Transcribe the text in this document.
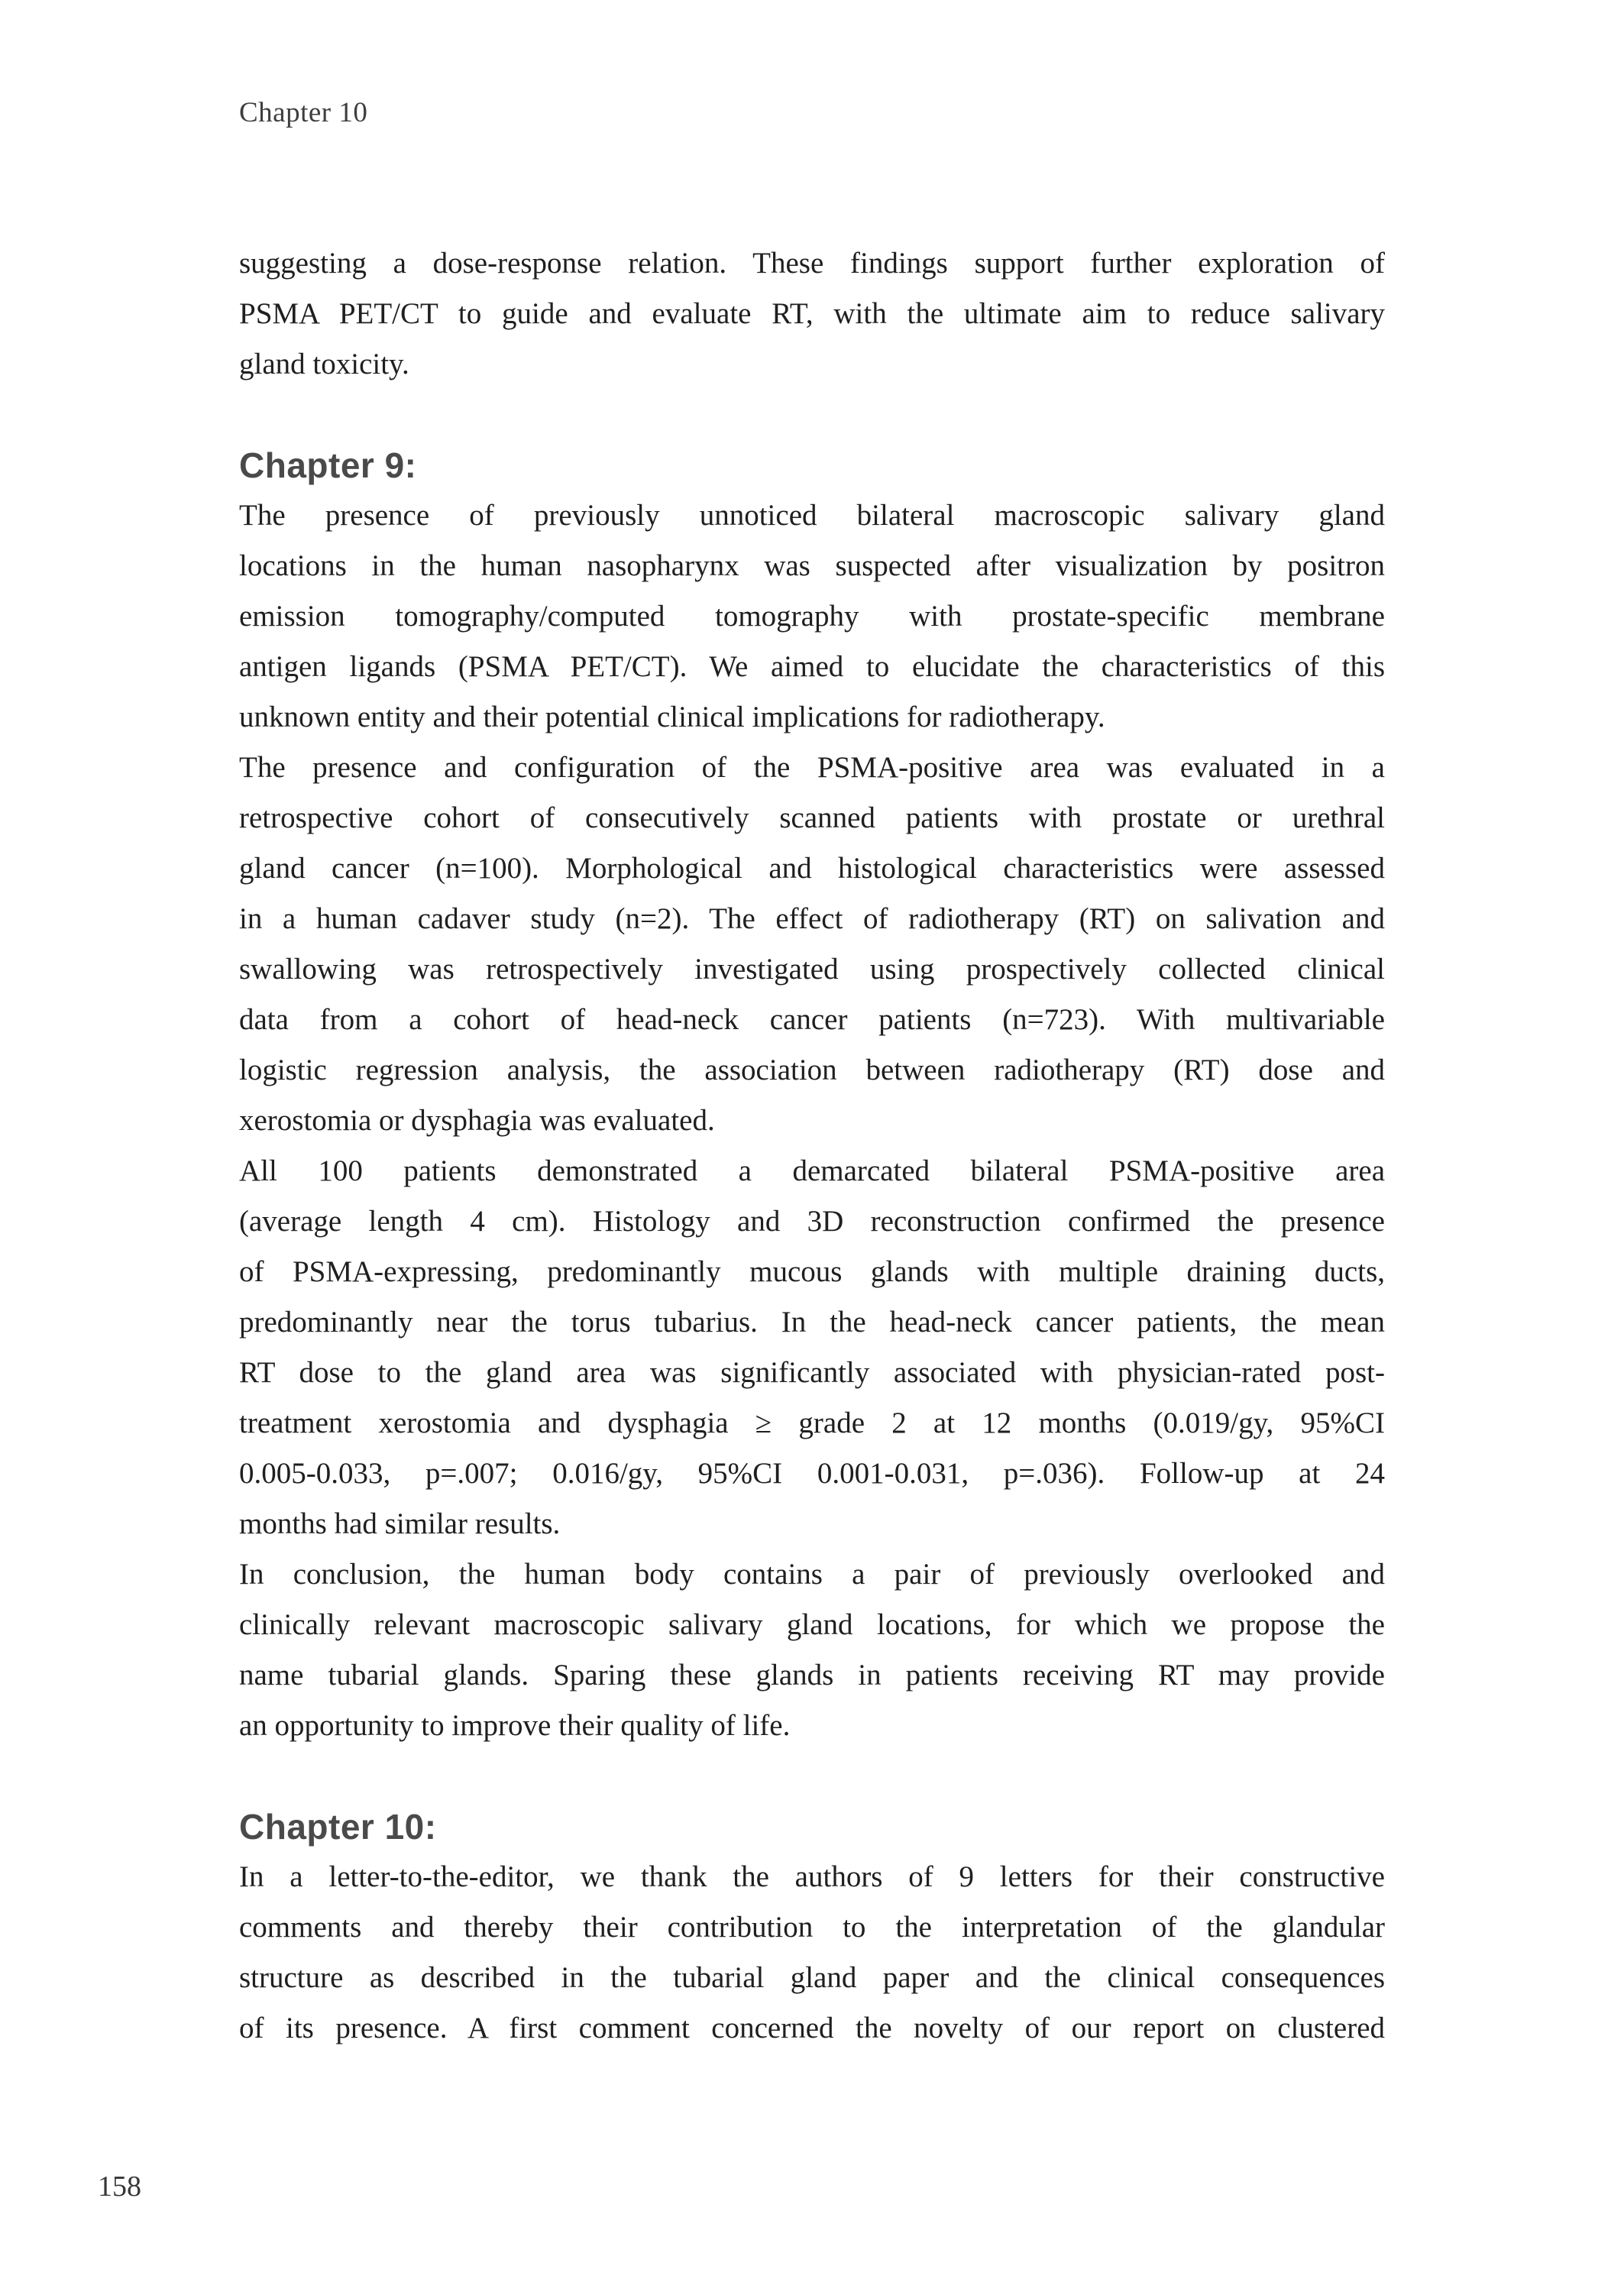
Chapter 10
suggesting a dose-response relation. These findings support further exploration of
PSMA PET/CT to guide and evaluate RT, with the ultimate aim to reduce salivary
gland toxicity.
Chapter 9:
The presence of previously unnoticed bilateral macroscopic salivary gland
locations in the human nasopharynx was suspected after visualization by positron
emission tomography/computed tomography with prostate-specific membrane
antigen ligands (PSMA PET/CT). We aimed to elucidate the characteristics of this
unknown entity and their potential clinical implications for radiotherapy.
The presence and configuration of the PSMA-positive area was evaluated in a
retrospective cohort of consecutively scanned patients with prostate or urethral
gland cancer (n=100). Morphological and histological characteristics were assessed
in a human cadaver study (n=2). The effect of radiotherapy (RT) on salivation and
swallowing was retrospectively investigated using prospectively collected clinical
data from a cohort of head-neck cancer patients (n=723). With multivariable
logistic regression analysis, the association between radiotherapy (RT) dose and
xerostomia or dysphagia was evaluated.
All 100 patients demonstrated a demarcated bilateral PSMA-positive area
(average length 4 cm). Histology and 3D reconstruction confirmed the presence
of PSMA-expressing, predominantly mucous glands with multiple draining ducts,
predominantly near the torus tubarius. In the head-neck cancer patients, the mean
RT dose to the gland area was significantly associated with physician-rated post-
treatment xerostomia and dysphagia ≥ grade 2 at 12 months (0.019/gy, 95%CI
0.005-0.033, p=.007; 0.016/gy, 95%CI 0.001-0.031, p=.036). Follow-up at 24
months had similar results.
In conclusion, the human body contains a pair of previously overlooked and
clinically relevant macroscopic salivary gland locations, for which we propose the
name tubarial glands. Sparing these glands in patients receiving RT may provide
an opportunity to improve their quality of life.
Chapter 10:
In a letter-to-the-editor, we thank the authors of 9 letters for their constructive
comments and thereby their contribution to the interpretation of the glandular
structure as described in the tubarial gland paper and the clinical consequences
of its presence. A first comment concerned the novelty of our report on clustered
158
